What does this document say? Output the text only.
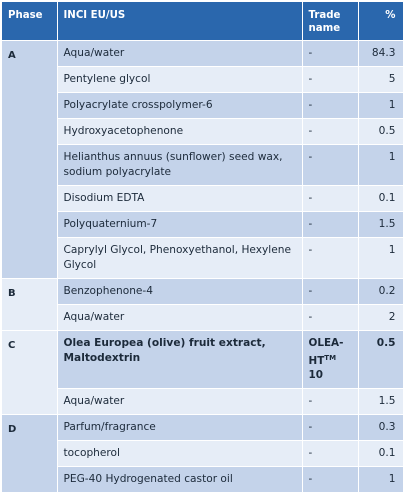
Phase	INCI EU/US	Trade name	%
A	Aqua/water	-	84.3
	Pentylene glycol	-	5
	Polyacrylate crosspolymer-6	-	1
	Hydroxyacetophenone	-	0.5
	Helianthus annuus (sunflower) seed wax, sodium polyacrylate	-	1
	Disodium EDTA	-	0.1
	Polyquaternium-7	-	1.5
	Caprylyl Glycol, Phenoxyethanol, Hexylene Glycol	-	1
B	Benzophenone-4	-	0.2
	Aqua/water	-	2
C	Olea Europea (olive) fruit extract, Maltodextrin	OLEA-HT™ 10	0.5
	Aqua/water	-	1.5
D	Parfum/fragrance	-	0.3
	tocopherol	-	0.1
	PEG-40 Hydrogenated castor oil	-	1
